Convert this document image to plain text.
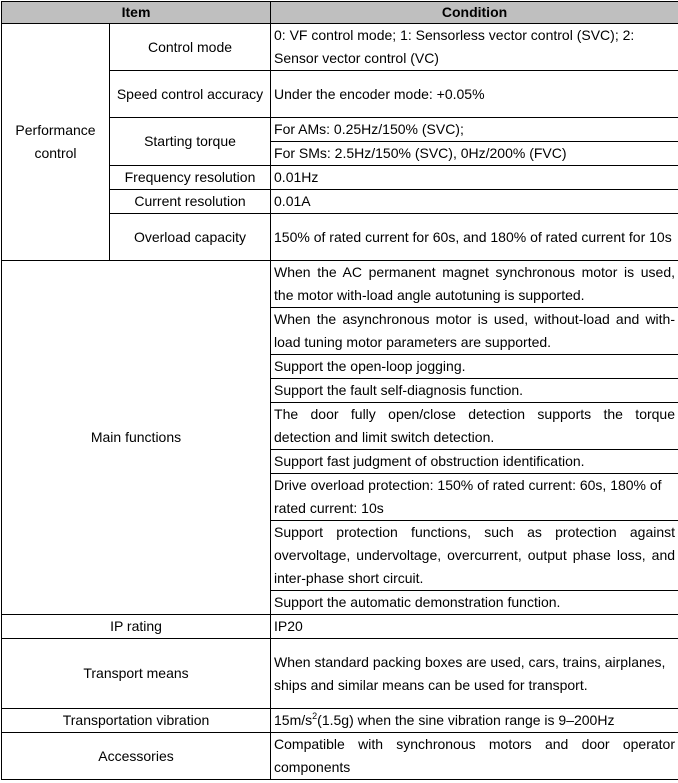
Item		Condition
Performance control	Control mode	0: VF control mode; 1: Sensorless vector control (SVC); 2: Sensor vector control (VC)
	Speed control accuracy	Under the encoder mode: +0.05%
	Starting torque	For AMs: 0.25Hz/150% (SVC);
		For SMs: 2.5Hz/150% (SVC), 0Hz/200% (FVC)
	Frequency resolution	0.01Hz
	Current resolution	0.01A
	Overload capacity	150% of rated current for 60s, and 180% of rated current for 10s
Main functions		When the AC permanent magnet synchronous motor is used, the motor with-load angle autotuning is supported.
		When the asynchronous motor is used, without-load and with-load tuning motor parameters are supported.
		Support the open-loop jogging.
		Support the fault self-diagnosis function.
		The door fully open/close detection supports the torque detection and limit switch detection.
		Support fast judgment of obstruction identification.
		Drive overload protection: 150% of rated current: 60s, 180% of rated current: 10s
		Support protection functions, such as protection against overvoltage, undervoltage, overcurrent, output phase loss, and inter-phase short circuit.
		Support the automatic demonstration function.
IP rating		IP20
Transport means		When standard packing boxes are used, cars, trains, airplanes, ships and similar means can be used for transport.
Transportation vibration		$15m/s^2(1.5g)$ when the sine vibration range is 9–200Hz
Accessories		Compatible with synchronous motors and door operator components
